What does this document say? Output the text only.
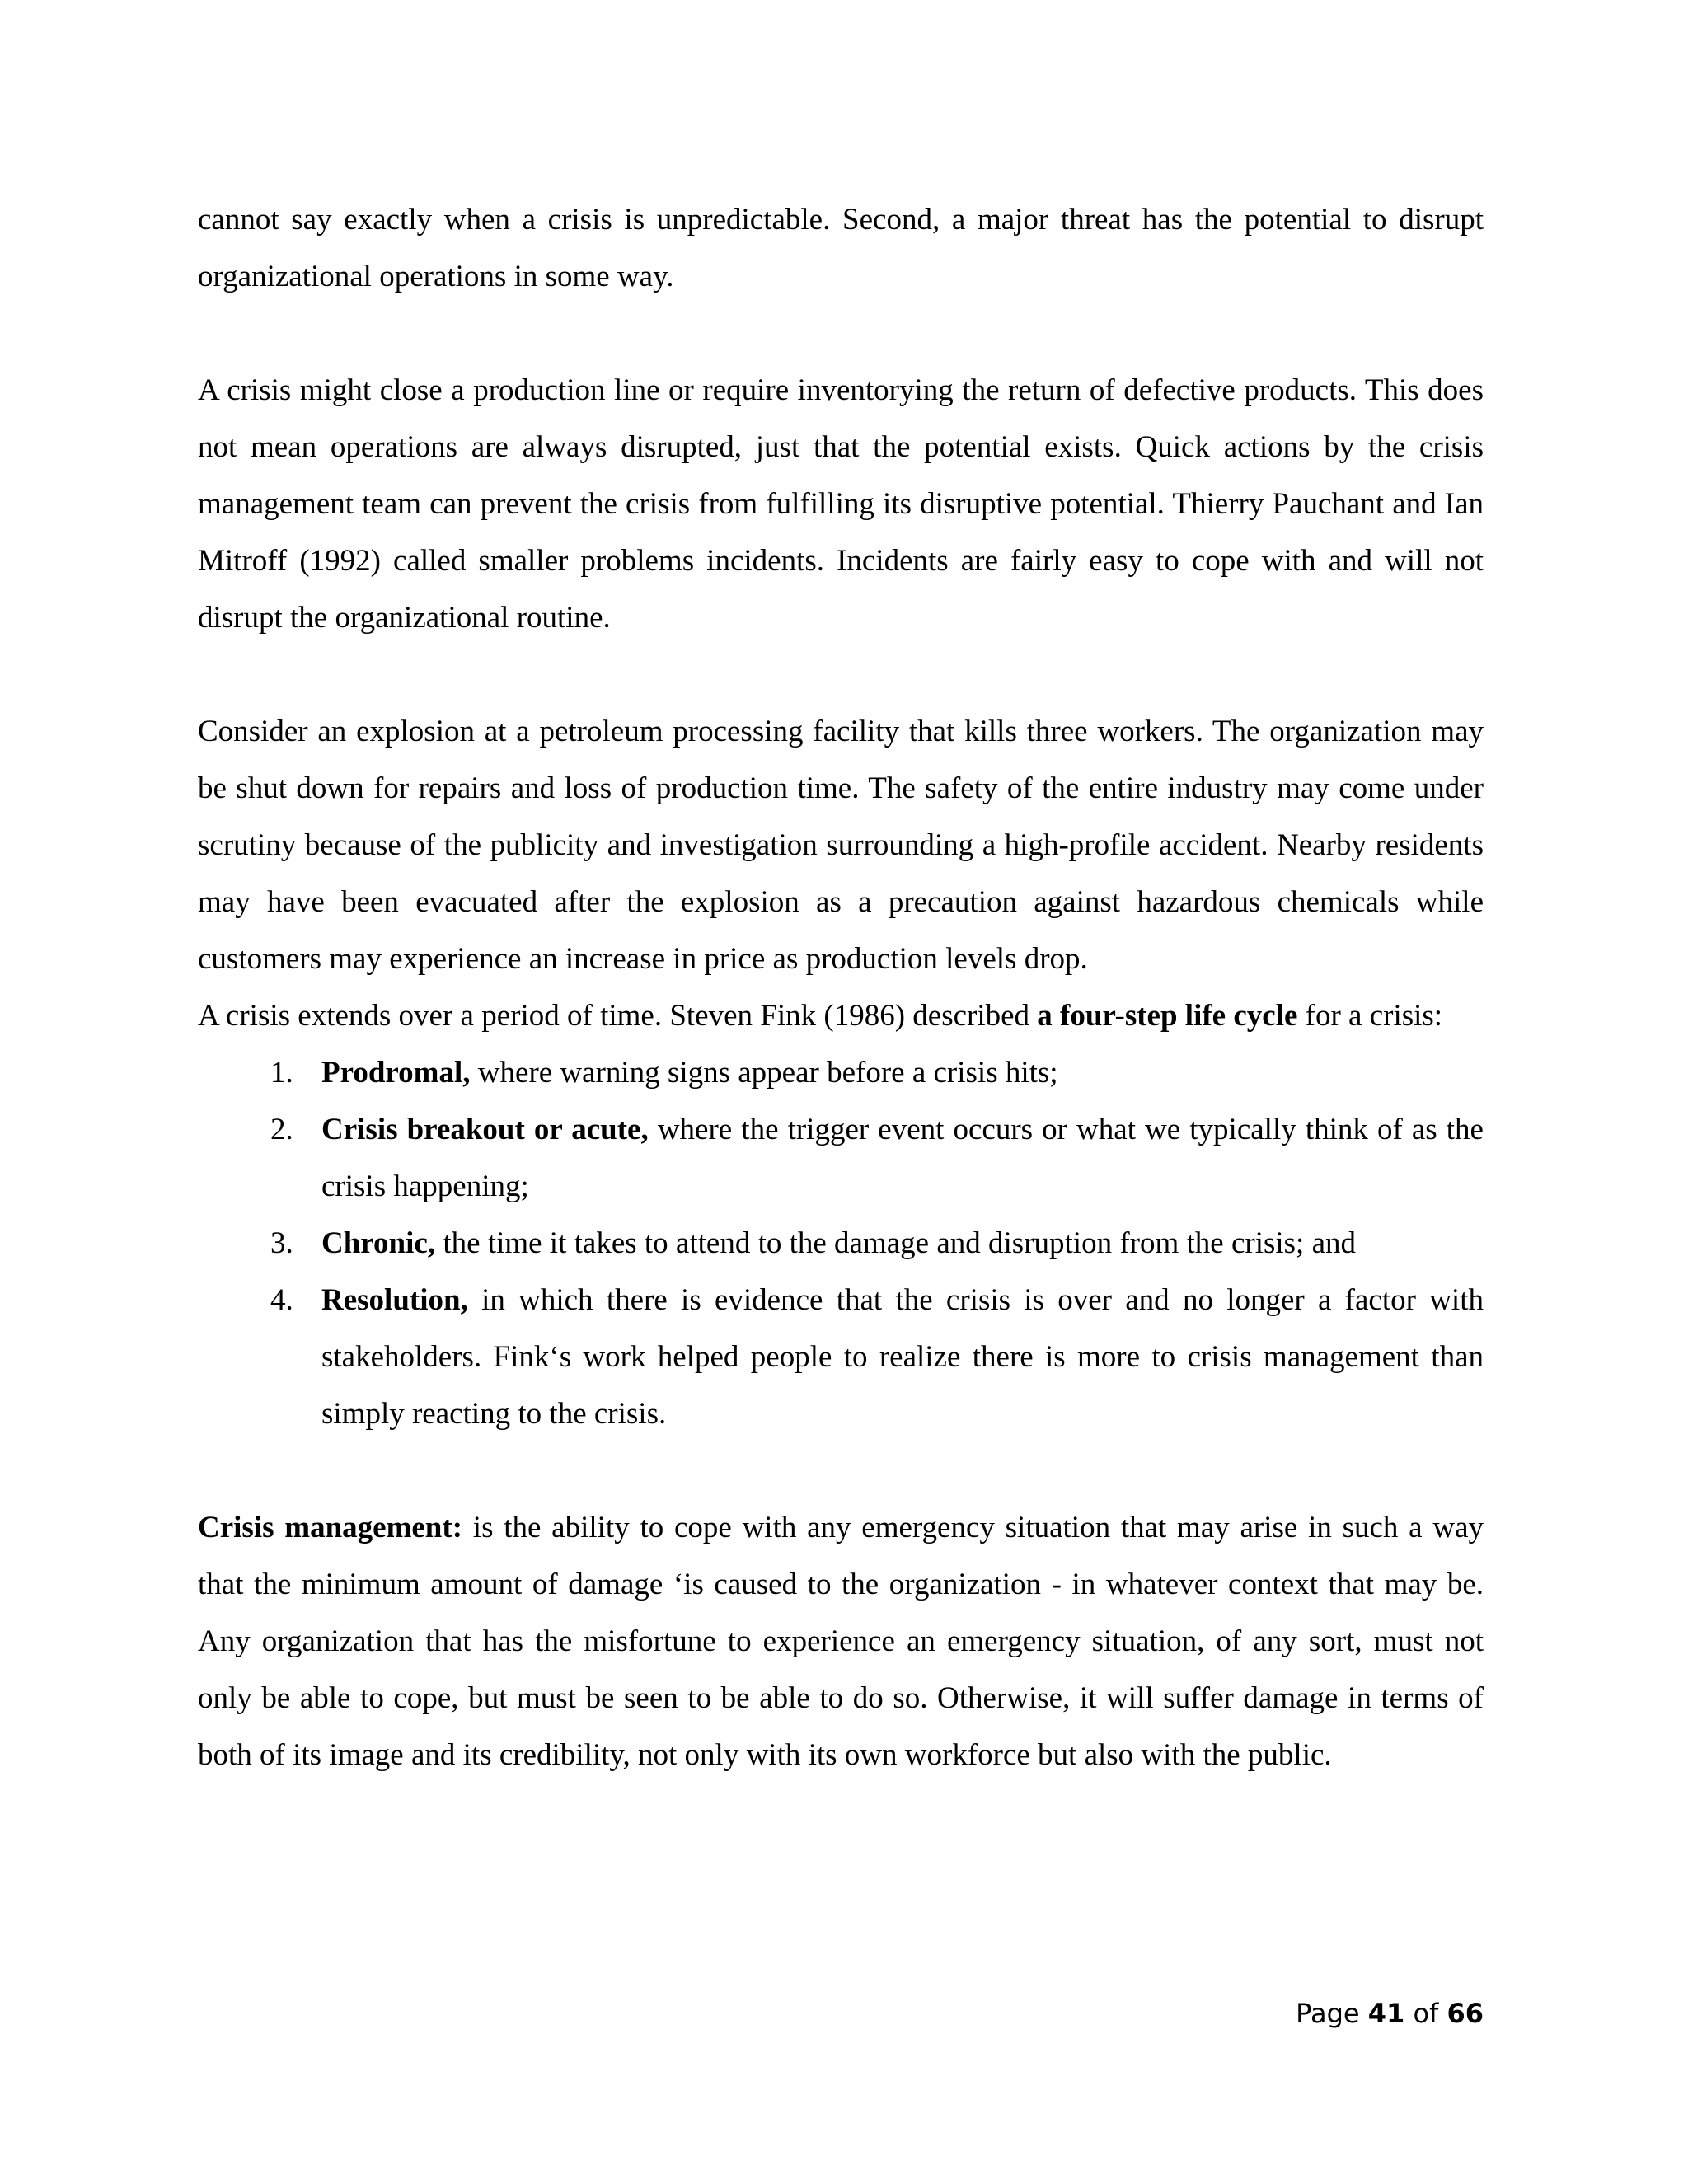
cannot say exactly when a crisis is unpredictable. Second, a major threat has the potential to disrupt organizational operations in some way.

A crisis might close a production line or require inventorying the return of defective products. This does not mean operations are always disrupted, just that the potential exists. Quick actions by the crisis management team can prevent the crisis from fulfilling its disruptive potential. Thierry Pauchant and Ian Mitroff (1992) called smaller problems incidents. Incidents are fairly easy to cope with and will not disrupt the organizational routine.

Consider an explosion at a petroleum processing facility that kills three workers. The organization may be shut down for repairs and loss of production time. The safety of the entire industry may come under scrutiny because of the publicity and investigation surrounding a high-profile accident. Nearby residents may have been evacuated after the explosion as a precaution against hazardous chemicals while customers may experience an increase in price as production levels drop.

A crisis extends over a period of time. Steven Fink (1986) described a four-step life cycle for a crisis:

1. Prodromal, where warning signs appear before a crisis hits;
2. Crisis breakout or acute, where the trigger event occurs or what we typically think of as the crisis happening;
3. Chronic, the time it takes to attend to the damage and disruption from the crisis; and
4. Resolution, in which there is evidence that the crisis is over and no longer a factor with stakeholders. Fink‘s work helped people to realize there is more to crisis management than simply reacting to the crisis.

Crisis management: is the ability to cope with any emergency situation that may arise in such a way that the minimum amount of damage ‘is caused to the organization - in whatever context that may be. Any organization that has the misfortune to experience an emergency situation, of any sort, must not only be able to cope, but must be seen to be able to do so. Otherwise, it will suffer damage in terms of both of its image and its credibility, not only with its own workforce but also with the public.

Page 41 of 66
